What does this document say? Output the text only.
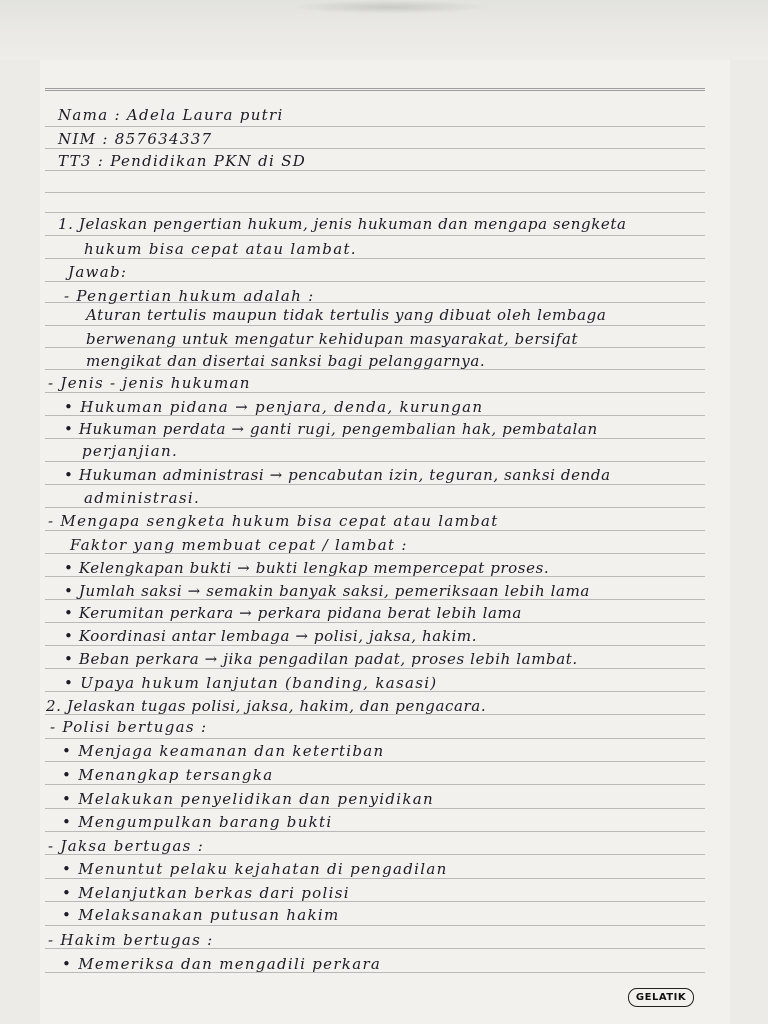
Nama : Adela Laura putri
NIM : 857634337
TT3 : Pendidikan PKN di SD
1. Jelaskan pengertian hukum, jenis hukuman dan mengapa sengketa
hukum bisa cepat atau lambat.
Jawab:
- Pengertian hukum adalah :
Aturan tertulis maupun tidak tertulis yang dibuat oleh lembaga
berwenang untuk mengatur kehidupan masyarakat, bersifat
mengikat dan disertai sanksi bagi pelanggarnya.
- Jenis - jenis hukuman
• Hukuman pidana → penjara, denda, kurungan
• Hukuman perdata → ganti rugi, pengembalian hak, pembatalan
perjanjian.
• Hukuman administrasi → pencabutan izin, teguran, sanksi denda
administrasi.
- Mengapa sengketa hukum bisa cepat atau lambat
Faktor yang membuat cepat / lambat :
• Kelengkapan bukti → bukti lengkap mempercepat proses.
• Jumlah saksi → semakin banyak saksi, pemeriksaan lebih lama
• Kerumitan perkara → perkara pidana berat lebih lama
• Koordinasi antar lembaga → polisi, jaksa, hakim.
• Beban perkara → jika pengadilan padat, proses lebih lambat.
• Upaya hukum lanjutan (banding, kasasi)
2. Jelaskan tugas polisi, jaksa, hakim, dan pengacara.
- Polisi bertugas :
• Menjaga keamanan dan ketertiban
• Menangkap tersangka
• Melakukan penyelidikan dan penyidikan
• Mengumpulkan barang bukti
- Jaksa bertugas :
• Menuntut pelaku kejahatan di pengadilan
• Melanjutkan berkas dari polisi
• Melaksanakan putusan hakim
- Hakim bertugas :
• Memeriksa dan mengadili perkara
GELATIK
